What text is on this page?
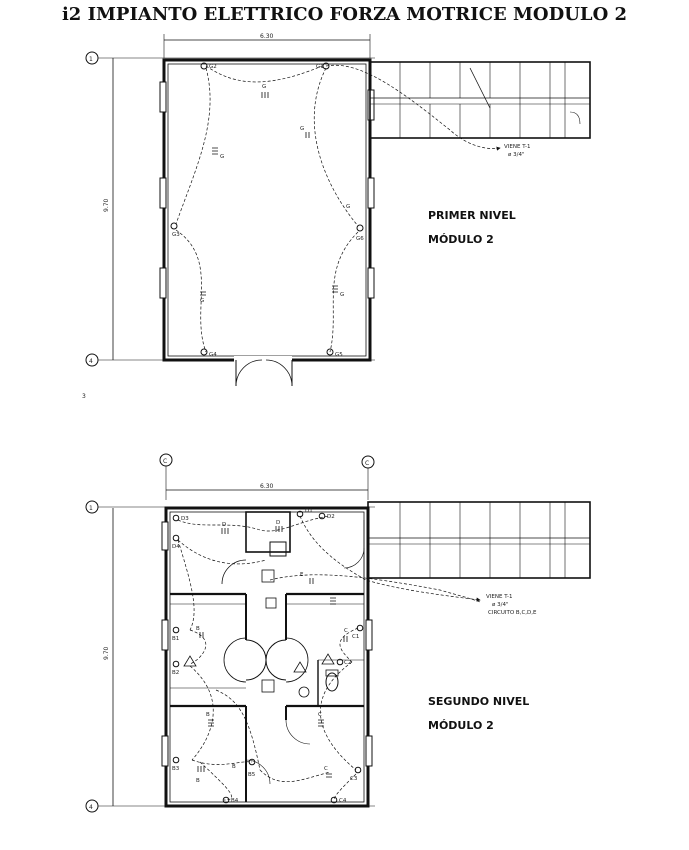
i2 IMPIANTO ELETTRICO FORZA MOTRICE MODULO 2
6.30
9.70
1
4
G2	G1
G3
G6
G4	G5
G
G
G
G
G
G
VIENE T-1
ø 3/4"
PRIMER NIVEL
MÓDULO 2
3
6.30
9.70
1
4
C	C
D3
D4
D1
D2
B1
B2
C1
C2
B3
B5
C3
B4	C4
D	D
E
B
B
C
C
B
B	C
VIENE T-1
ø 3/4"
CIRCUITO B,C,D,E
SEGUNDO NIVEL
MÓDULO 2
